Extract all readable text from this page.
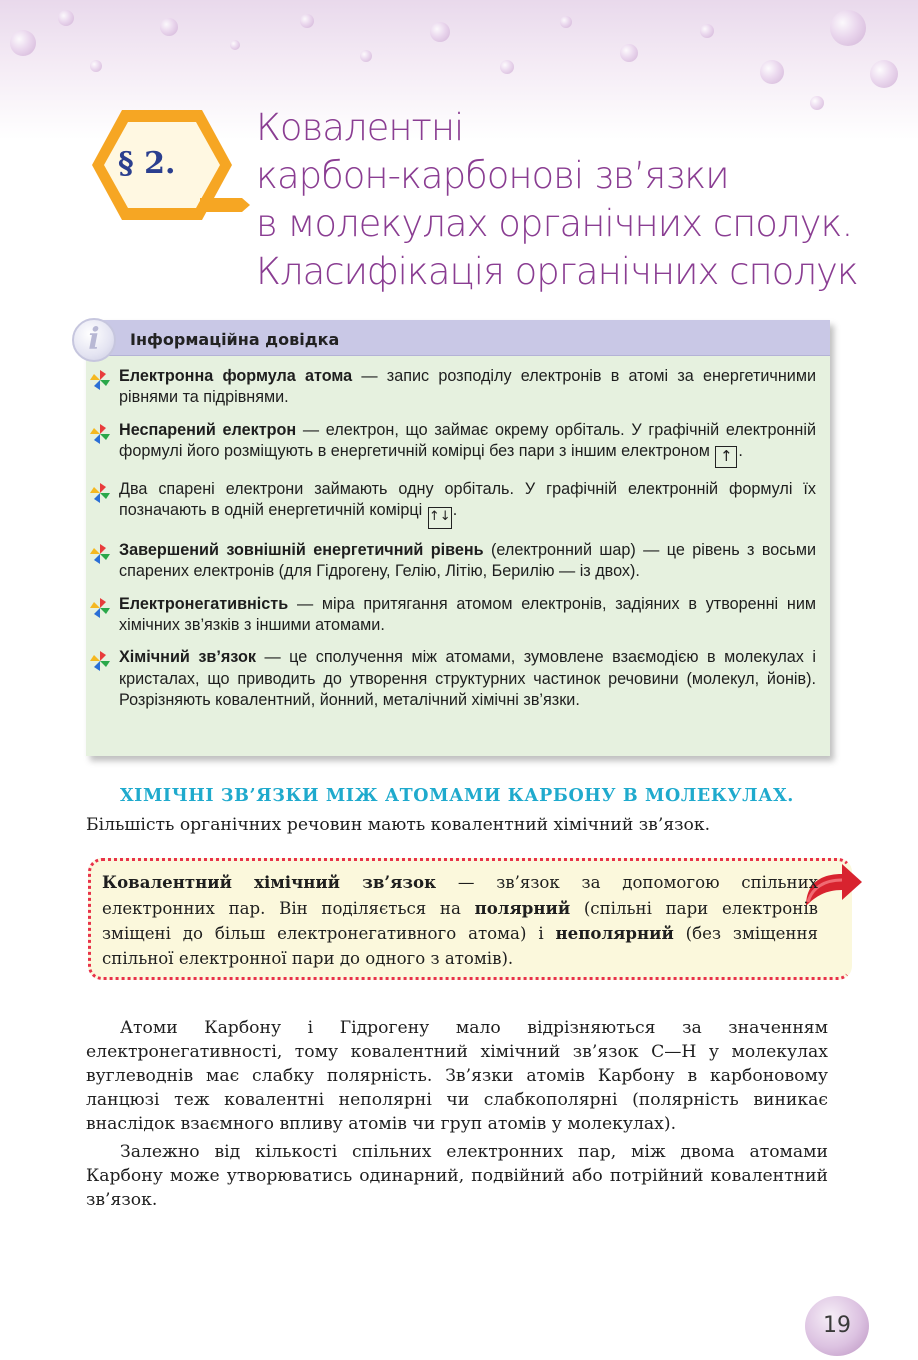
§ 2.
Ковалентні
карбон-карбонові зв’язки
в молекулах органічних сполук.
Класифікація органічних сполук
Інформаційна довідка
i
Електронна формула атома — запис розподілу електронів в атомі за енергетичними рівнями та підрівнями.
Неспарений електрон — електрон, що займає окрему орбіталь. У графічній електронній формулі його розміщують в енергетичній комірці без пари з іншим електроном ↑ .
Два спарені електрони займають одну орбіталь. У графічній електронній формулі їх позначають в одній енергетичній комірці ↑↓ .
Завершений зовнішній енергетичний рівень (електронний шар) — це рівень з восьми спарених електронів (для Гідрогену, Гелію, Літію, Берилію — із двох).
Електронегативність — міра притягання атомом електронів, задіяних в утворенні ним хімічних зв’язків з іншими атомами.
Хімічний зв’язок — це сполучення між атомами, зумовлене взаємодією в молекулах і кристалах, що приводить до утворення структурних частинок речовини (молекул, йонів). Розрізняють ковалентний, йонний, металічний хімічні зв’язки.
ХІМІЧНІ ЗВ’ЯЗКИ МІЖ АТОМАМИ КАРБОНУ В МОЛЕКУЛАХ.
Більшість органічних речовин мають ковалентний хімічний зв’язок.
Ковалентний хімічний зв’язок — зв’язок за допомогою спільних електронних пар. Він поділяється на полярний (спільні пари електронів зміщені до більш електронегативного атома) і неполярний (без зміщення спільної електронної пари до одного з атомів).
Атоми Карбону і Гідрогену мало відрізняються за значенням електронегативності, тому ковалентний хімічний зв’язок С—Н у молекулах вуглеводнів має слабку полярність. Зв’язки атомів Карбону в карбоновому ланцюзі теж ковалентні неполярні чи слабкополярні (полярність виникає внаслідок взаємного впливу атомів чи груп атомів у молекулах).
Залежно від кількості спільних електронних пар, між двома атомами Карбону може утворюватись одинарний, подвійний або потрійний ковалентний зв’язок.
19
